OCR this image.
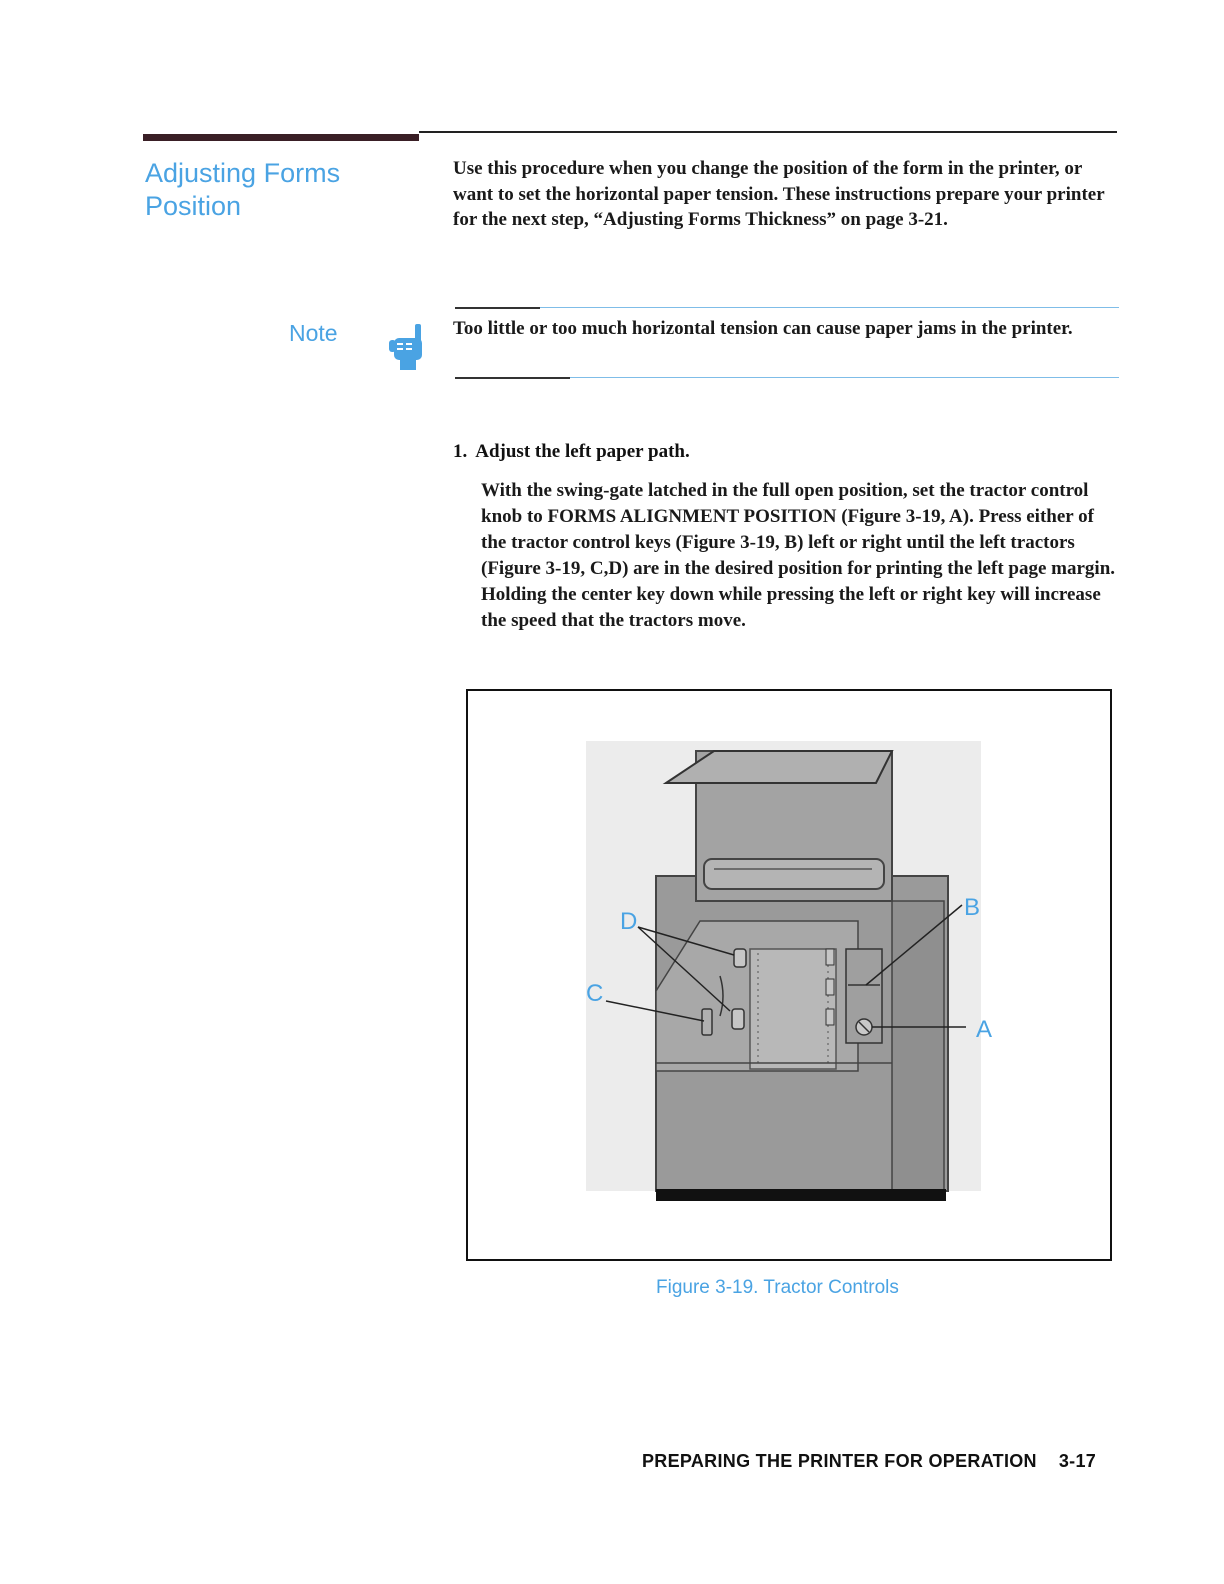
Adjusting Forms
Position
Use this procedure when you change the position of the form in the printer, or want to set the horizontal paper tension. These instructions prepare your printer for the next step, “Adjusting Forms Thickness” on page 3-21.
Note	Too little or too much horizontal tension can cause paper jams in the printer.
1. Adjust the left paper path.
With the swing-gate latched in the full open position, set the tractor control knob to FORMS ALIGNMENT POSITION (Figure 3-19, A). Press either of the tractor control keys (Figure 3-19, B) left or right until the left tractors (Figure 3-19, C,D) are in the desired position for printing the left page margin. Holding the center key down while pressing the left or right key will increase the speed that the tractors move.
D
C
B
A
Figure 3-19. Tractor Controls
PREPARING THE PRINTER FOR OPERATION 3-17
